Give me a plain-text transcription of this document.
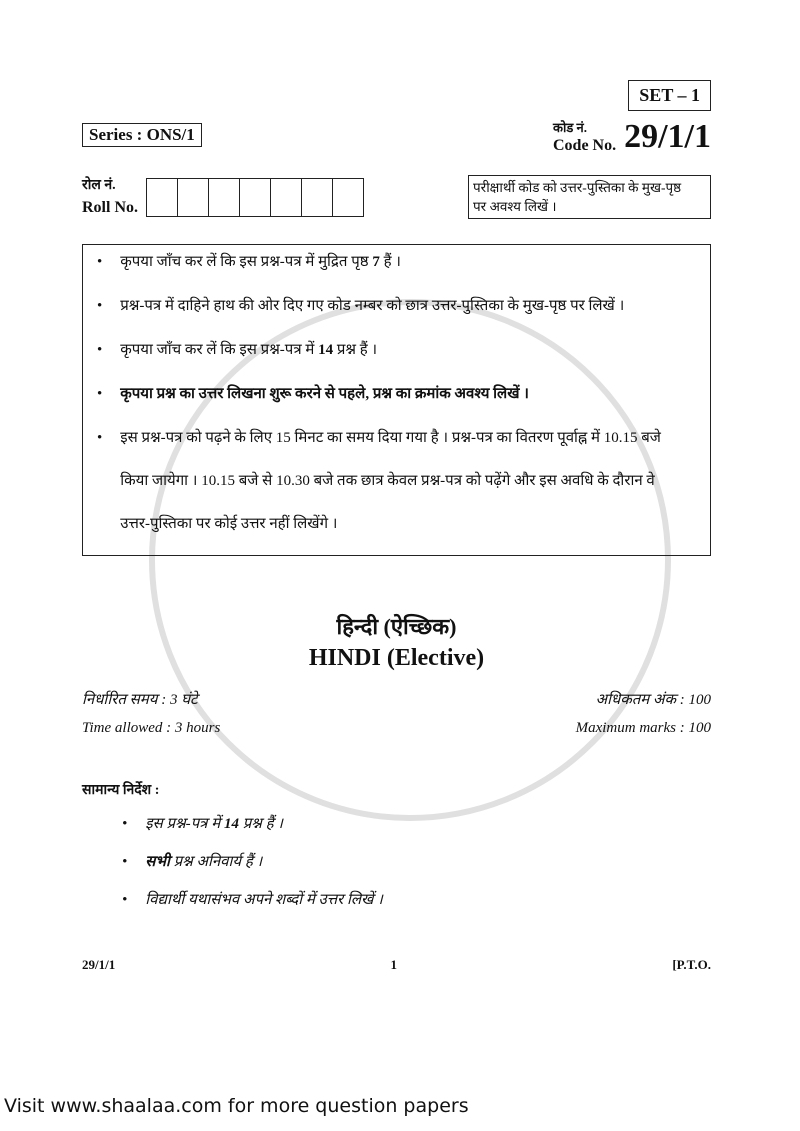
SET – 1
Series : ONS/1	कोड नं.
Code No. 29/1/1
रोल नं.
Roll No.
परीक्षार्थी कोड को उत्तर-पुस्तिका के मुख-पृष्ठ
पर अवश्य लिखें ।
• कृपया जाँच कर लें कि इस प्रश्न-पत्र में मुद्रित पृष्ठ 7 हैं ।
• प्रश्न-पत्र में दाहिने हाथ की ओर दिए गए कोड नम्बर को छात्र उत्तर-पुस्तिका के मुख-पृष्ठ पर लिखें ।
• कृपया जाँच कर लें कि इस प्रश्न-पत्र में 14 प्रश्न हैं ।
• कृपया प्रश्न का उत्तर लिखना शुरू करने से पहले, प्रश्न का क्रमांक अवश्य लिखें ।
• इस प्रश्न-पत्र को पढ़ने के लिए 15 मिनट का समय दिया गया है । प्रश्न-पत्र का वितरण पूर्वाह्न में 10.15 बजे
किया जायेगा । 10.15 बजे से 10.30 बजे तक छात्र केवल प्रश्न-पत्र को पढ़ेंगे और इस अवधि के दौरान वे
उत्तर-पुस्तिका पर कोई उत्तर नहीं लिखेंगे ।
हिन्दी (ऐच्छिक)
HINDI (Elective)
निर्धारित समय : 3 घंटे
Time allowed : 3 hours
अधिकतम अंक : 100
Maximum marks : 100
सामान्य निर्देश :
• इस प्रश्न-पत्र में 14 प्रश्न हैं ।
• सभी प्रश्न अनिवार्य हैं ।
• विद्यार्थी यथासंभव अपने शब्दों में उत्तर लिखें ।
29/1/1	1	[P.T.O.
Visit www.shaalaa.com for more question papers
